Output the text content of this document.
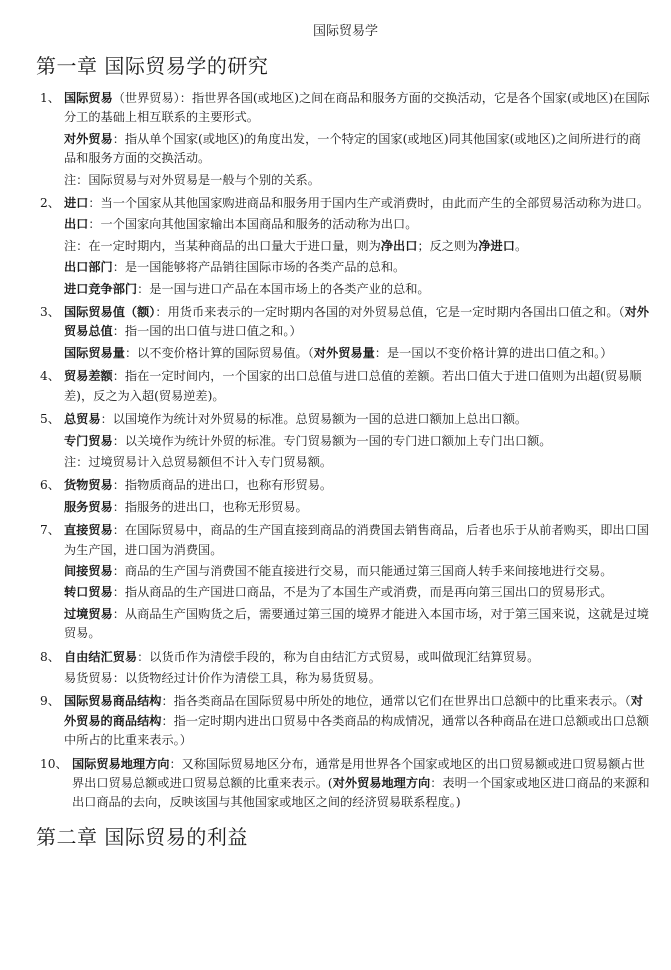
国际贸易学
第一章 国际贸易学的研究

1、 国际贸易（世界贸易）：指世界各国(或地区)之间在商品和服务方面的交换活动，它是各个国家(或地区)在国际分工的基础上相互联系的主要形式。

对外贸易：指从单个国家(或地区)的角度出发，一个特定的国家(或地区)同其他国家(或地区)之间所进行的商品和服务方面的交换活动。

注：国际贸易与对外贸易是一般与个别的关系。

2、 进口：当一个国家从其他国家购进商品和服务用于国内生产或消费时，由此而产生的全部贸易活动称为进口。

出口：一个国家向其他国家输出本国商品和服务的活动称为出口。

注：在一定时期内，当某种商品的出口量大于进口量，则为净出口；反之则为净进口。

出口部门：是一国能够将产品销往国际市场的各类产品的总和。

进口竞争部门：是一国与进口产品在本国市场上的各类产业的总和。

3、 国际贸易值（额）：用货币来表示的一定时期内各国的对外贸易总值，它是一定时期内各国出口值之和。（对外贸易总值：指一国的出口值与进口值之和。）

国际贸易量：以不变价格计算的国际贸易值。（对外贸易量：是一国以不变价格计算的进出口值之和。）

4、 贸易差额：指在一定时间内，一个国家的出口总值与进口总值的差额。若出口值大于进口值则为出超(贸易顺差)，反之为入超(贸易逆差)。

5、 总贸易：以国境作为统计对外贸易的标准。总贸易额为一国的总进口额加上总出口额。

专门贸易：以关境作为统计外贸的标准。专门贸易额为一国的专门进口额加上专门出口额。

注：过境贸易计入总贸易额但不计入专门贸易额。

6、 货物贸易：指物质商品的进出口，也称有形贸易。

服务贸易：指服务的进出口，也称无形贸易。

7、 直接贸易：在国际贸易中，商品的生产国直接到商品的消费国去销售商品，后者也乐于从前者购买，即出口国为生产国，进口国为消费国。

间接贸易：商品的生产国与消费国不能直接进行交易，而只能通过第三国商人转手来间接地进行交易。

转口贸易：指从商品的生产国进口商品，不是为了本国生产或消费，而是再向第三国出口的贸易形式。

过境贸易：从商品生产国购货之后，需要通过第三国的境界才能进入本国市场，对于第三国来说，这就是过境贸易。

8、 自由结汇贸易：以货币作为清偿手段的，称为自由结汇方式贸易，或叫做现汇结算贸易。

易货贸易：以货物经过计价作为清偿工具，称为易货贸易。

9、 国际贸易商品结构：指各类商品在国际贸易中所处的地位，通常以它们在世界出口总额中的比重来表示。（对外贸易的商品结构：指一定时期内进出口贸易中各类商品的构成情况，通常以各种商品在进口总额或出口总额中所占的比重来表示。）

10、 国际贸易地理方向：又称国际贸易地区分布，通常是用世界各个国家或地区的出口贸易额或进口贸易额占世界出口贸易总额或进口贸易总额的比重来表示。(对外贸易地理方向：表明一个国家或地区进口商品的来源和出口商品的去向，反映该国与其他国家或地区之间的经济贸易联系程度。)

第二章 国际贸易的利益
